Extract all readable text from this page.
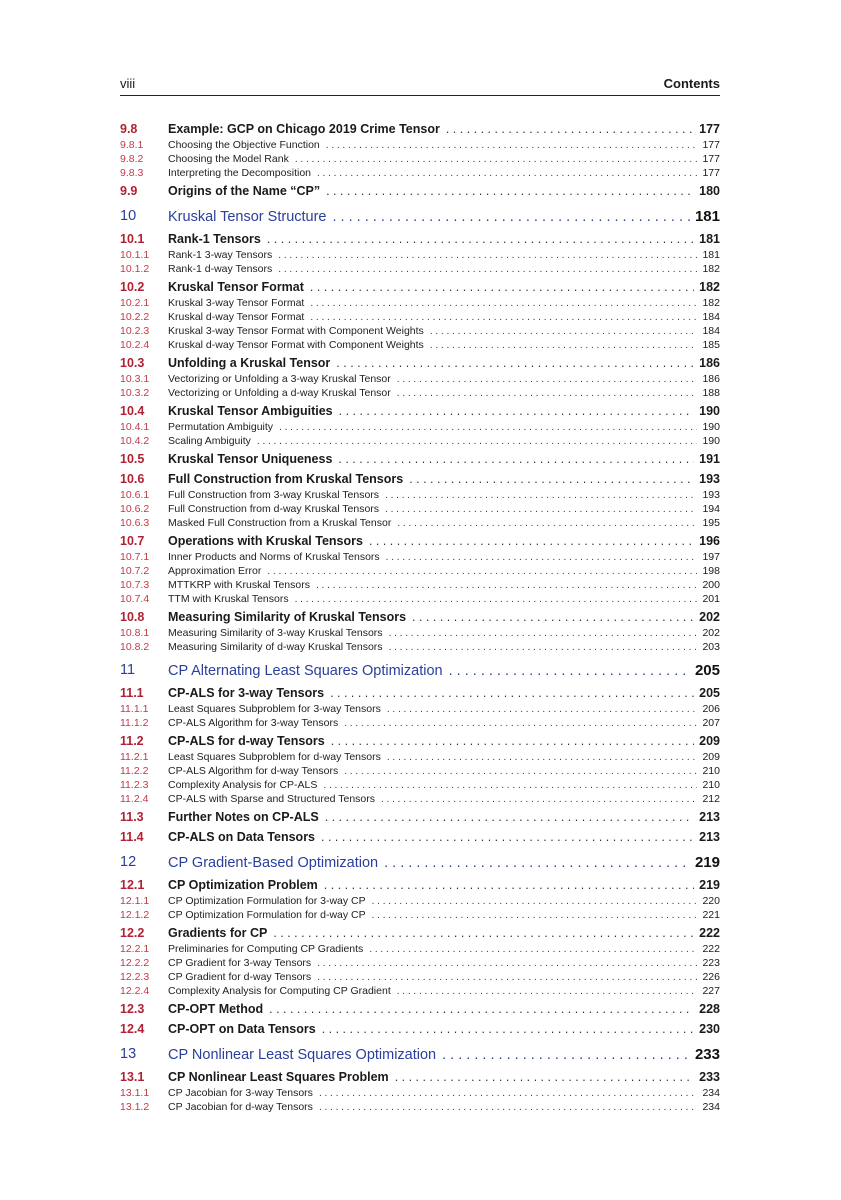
viii	Contents
9.8 Example: GCP on Chicago 2019 Crime Tensor . . .	177
9.8.1 Choosing the Objective Function . . .	177
9.8.2 Choosing the Model Rank . . .	177
9.8.3 Interpreting the Decomposition . . .	177
9.9 Origins of the Name “CP” . . .	180
10 Kruskal Tensor Structure . . .	181
10.1 Rank-1 Tensors . . .	181
10.1.1 Rank-1 3-way Tensors . . .	181
10.1.2 Rank-1 d-way Tensors . . .	182
10.2 Kruskal Tensor Format . . .	182
10.2.1 Kruskal 3-way Tensor Format . . .	182
10.2.2 Kruskal d-way Tensor Format . . .	184
10.2.3 Kruskal 3-way Tensor Format with Component Weights . . .	184
10.2.4 Kruskal d-way Tensor Format with Component Weights . . .	185
10.3 Unfolding a Kruskal Tensor . . .	186
10.3.1 Vectorizing or Unfolding a 3-way Kruskal Tensor . . .	186
10.3.2 Vectorizing or Unfolding a d-way Kruskal Tensor . . .	188
10.4 Kruskal Tensor Ambiguities . . .	190
10.4.1 Permutation Ambiguity . . .	190
10.4.2 Scaling Ambiguity . . .	190
10.5 Kruskal Tensor Uniqueness . . .	191
10.6 Full Construction from Kruskal Tensors . . .	193
10.6.1 Full Construction from 3-way Kruskal Tensors . . .	193
10.6.2 Full Construction from d-way Kruskal Tensors . . .	194
10.6.3 Masked Full Construction from a Kruskal Tensor . . .	195
10.7 Operations with Kruskal Tensors . . .	196
10.7.1 Inner Products and Norms of Kruskal Tensors . . .	197
10.7.2 Approximation Error . . .	198
10.7.3 MTTKRP with Kruskal Tensors . . .	200
10.7.4 TTM with Kruskal Tensors . . .	201
10.8 Measuring Similarity of Kruskal Tensors . . .	202
10.8.1 Measuring Similarity of 3-way Kruskal Tensors . . .	202
10.8.2 Measuring Similarity of d-way Kruskal Tensors . . .	203
11 CP Alternating Least Squares Optimization . . .	205
11.1 CP-ALS for 3-way Tensors . . .	205
11.1.1 Least Squares Subproblem for 3-way Tensors . . .	206
11.1.2 CP-ALS Algorithm for 3-way Tensors . . .	207
11.2 CP-ALS for d-way Tensors . . .	209
11.2.1 Least Squares Subproblem for d-way Tensors . . .	209
11.2.2 CP-ALS Algorithm for d-way Tensors . . .	210
11.2.3 Complexity Analysis for CP-ALS . . .	210
11.2.4 CP-ALS with Sparse and Structured Tensors . . .	212
11.3 Further Notes on CP-ALS . . .	213
11.4 CP-ALS on Data Tensors . . .	213
12 CP Gradient-Based Optimization . . .	219
12.1 CP Optimization Problem . . .	219
12.1.1 CP Optimization Formulation for 3-way CP . . .	220
12.1.2 CP Optimization Formulation for d-way CP . . .	221
12.2 Gradients for CP . . .	222
12.2.1 Preliminaries for Computing CP Gradients . . .	222
12.2.2 CP Gradient for 3-way Tensors . . .	223
12.2.3 CP Gradient for d-way Tensors . . .	226
12.2.4 Complexity Analysis for Computing CP Gradient . . .	227
12.3 CP-OPT Method . . .	228
12.4 CP-OPT on Data Tensors . . .	230
13 CP Nonlinear Least Squares Optimization . . .	233
13.1 CP Nonlinear Least Squares Problem . . .	233
13.1.1 CP Jacobian for 3-way Tensors . . .	234
13.1.2 CP Jacobian for d-way Tensors . . .	234
